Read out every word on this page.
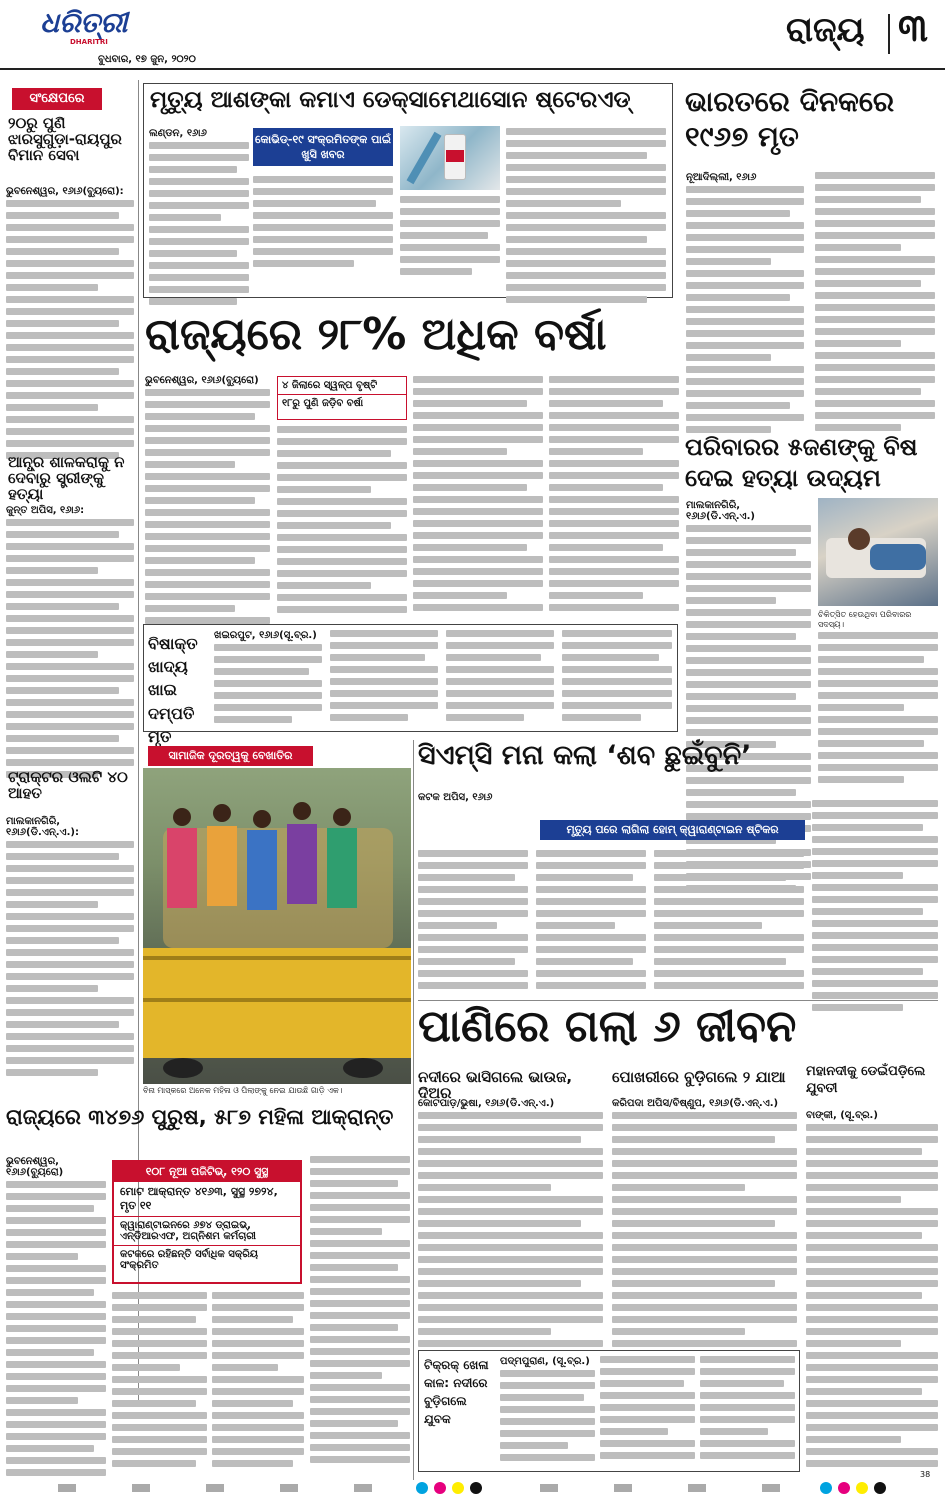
ଧରିତ୍ରୀ
DHARITRI
ବୁଧବାର, ୧୭ ଜୁନ, ୨୦୨୦
ରାଜ୍ୟ ୩
ସଂକ୍ଷେପରେ
୨୦ରୁ ପୁଣି ଝାରସୁଗୁଡ଼ା-ରାୟପୁର ବିମାନ ସେବା
ଭୁବନେଶ୍ୱର, ୧୬ା୬(ବ୍ୟୁରୋ):
ଆନ୍ଧ୍ର ଶାଳକରାକୁ ନ ଦେବାରୁ ସ୍ତ୍ରୀଙ୍କୁ ହତ୍ୟା
କୁନ୍ତ ଅପିସ, ୧୬ା୬:
ଟ୍ରାକ୍ଟର ଓଲଟି ୪୦ ଆହତ
ମାଲକାନଗିରି, ୧୬ା୬(ଡି.ଏନ୍.ଏ.):
ମୃତ୍ୟୁ ଆଶଙ୍କା କମାଏ ଡେକ୍ସାମେଥାସୋନ ଷ୍ଟେରଏଡ୍
ଲଣ୍ଡନ, ୧୬ା୬	କୋଭିଡ୍-୧୯ ସଂକ୍ରମିତଙ୍କ ପାଇଁ ଖୁସି ଖବର
ଭାରତରେ ଦିନକରେ ୧୯୬୭ ମୃତ
ନୂଆଦିଲ୍ଲୀ, ୧୬ା୬
ରାଜ୍ୟରେ ୨୮% ଅଧିକ ବର୍ଷା
ଭୁବନେଶ୍ୱର, ୧୬ା୬(ବ୍ୟୁରୋ)	୪ ଜିଲାରେ ସ୍ୱଳ୍ପ ବୃଷ୍ଟି
୧୮ରୁ ପୁଣି ଜଡ଼ିବ ବର୍ଷା
ପରିବାରର ୫ଜଣଙ୍କୁ ବିଷ ଦେଇ ହତ୍ୟା ଉଦ୍ୟମ
ମାଲକାନଗିରି, ୧୬ା୬(ଡି.ଏନ୍.ଏ.)
ଚିକିତ୍ସିତ ହେଉଥିବା ପରିବାରର ସଦସ୍ୟ।
ବିଷାକ୍ତ ଖାଦ୍ୟ ଖାଇ ଦମ୍ପତି ମୃତ
ଖଇରପୁଟ, ୧୬ା୬(ସୂ.ବ୍ର.)
ସାମାଜିକ ଦୂରତ୍ୱକୁ ବେଖାତିର
ବିନା ମାସ୍କରେ ଅନେକ ମହିଳା ଓ ପିଲାଙ୍କୁ ନେଇ ଯାଉଛି ଗାଡ଼ି ଏକ।
ସିଏମ୍‌ସି ମନା କଲା ‘ଶବ ଛୁଇଁବୁନି’
କଟକ ଅପିସ, ୧୬ା୬
ମୃତ୍ୟୁ ପରେ ଲାଗିଲା ହୋମ୍ କ୍ୱାରାଣ୍ଟାଇନ ଷ୍ଟିକର
ପାଣିରେ ଗଲା ୬ ଜୀବନ
ନଦୀରେ ଭାସିଗଲେ ଭାଉଜ, ଦିଅର
ପୋଖରୀରେ ବୁଡ଼ିଗଲେ ୨ ଯାଆ	ମହାନଦୀକୁ ଡେଇଁପଡ଼ିଲେ ଯୁବତୀ
କୋଟପାଡ଼/ଭୁଷା, ୧୬ା୬(ଡି.ଏନ୍.ଏ.)	କରିପଦା ଅପିସ/ବିଷ୍ଣୁପ, ୧୬ା୬(ଡି.ଏନ୍.ଏ.)
ବାଙ୍କୀ, (ସୂ.ବ୍ର.)
ଟିକ୍‌ରକ୍ ଖେଳା କାଳ: ନଦୀରେ ବୁଡ଼ିଗଲେ ଯୁବକ
ପଦ୍ମପୁରାଣ, (ସୂ.ବ୍ର.)
ରାଜ୍ୟରେ ୩୪୭୬ ପୁରୁଷ, ୫୮୭ ମହିଳା ଆକ୍ରାନ୍ତ
ଭୁବନେଶ୍ୱର, ୧୬ା୬(ବ୍ୟୁରୋ)	୧୦୮ ନୂଆ ପଜିଟିଭ୍, ୧୨୦ ସୁସ୍ଥ
ମୋଟ ଆକ୍ରାନ୍ତ ୪୧୬୩, ସୁସ୍ଥ ୨୭୨୪, ମୃତ ୧୧
କ୍ୱାରାଣ୍ଟାଇନରେ ୬୭୪ ଡ୍ରାଇଭ୍, ଏନ୍‌ଡିଆରଏଫ, ଅଗ୍ନିଶମ କର୍ମଚାରୀ
କଟକରେ ରହିଛନ୍ତି ସର୍ବାଧିକ ସକ୍ରିୟ ସଂକ୍ରମିତ
38
